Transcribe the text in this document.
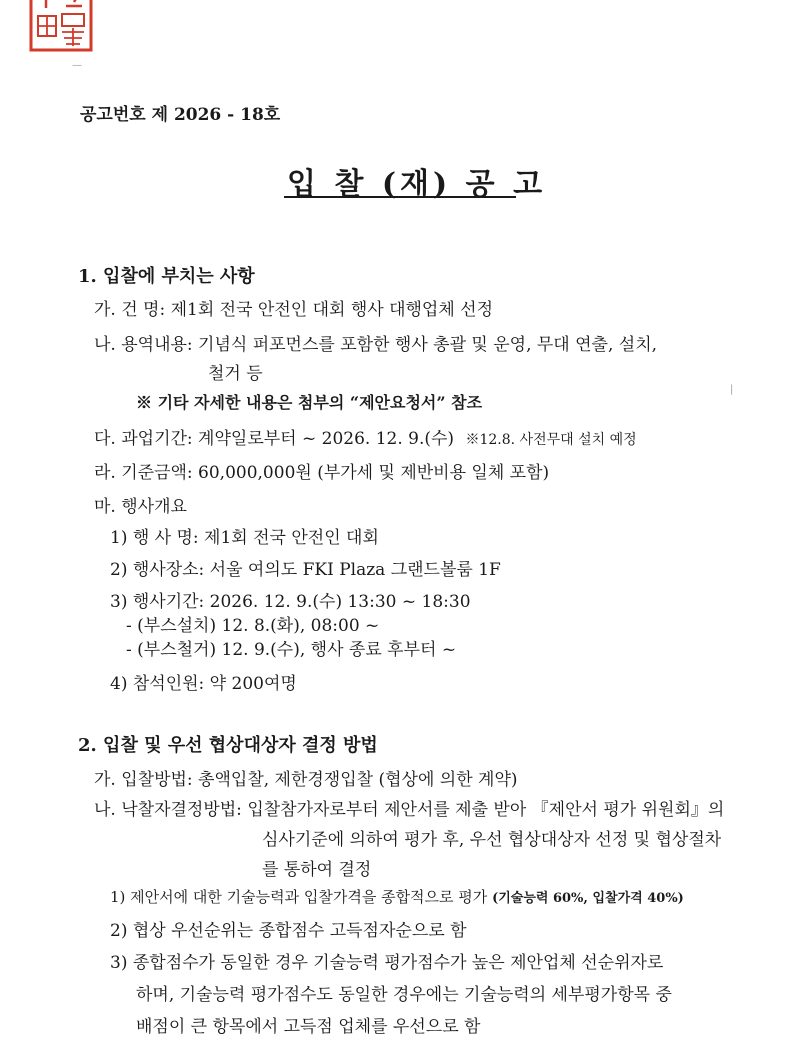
—
|
공고번호 제 2026 - 18호
입 찰 (재) 공 고
1. 입찰에 부치는 사항
가. 건 명: 제1회 전국 안전인 대회 행사 대행업체 선정
나. 용역내용: 기념식 퍼포먼스를 포함한 행사 총괄 및 운영, 무대 연출, 설치,
철거 등
※ 기타 자세한 내용은 첨부의 “제안요청서” 참조
다. 과업기간: 계약일로부터 ~ 2026. 12. 9.(수) ※12.8. 사전무대 설치 예정
라. 기준금액: 60,000,000원 (부가세 및 제반비용 일체 포함)
마. 행사개요
1) 행 사 명: 제1회 전국 안전인 대회
2) 행사장소: 서울 여의도 FKI Plaza 그랜드볼룸 1F
3) 행사기간: 2026. 12. 9.(수) 13:30 ~ 18:30
- (부스설치) 12. 8.(화), 08:00 ~
- (부스철거) 12. 9.(수), 행사 종료 후부터 ~
4) 참석인원: 약 200여명
2. 입찰 및 우선 협상대상자 결정 방법
가. 입찰방법: 총액입찰, 제한경쟁입찰 (협상에 의한 계약)
나. 낙찰자결정방법: 입찰참가자로부터 제안서를 제출 받아 『제안서 평가 위원회』의
심사기준에 의하여 평가 후, 우선 협상대상자 선정 및 협상절차
를 통하여 결정
1) 제안서에 대한 기술능력과 입찰가격을 종합적으로 평가 (기술능력 60%, 입찰가격 40%)
2) 협상 우선순위는 종합점수 고득점자순으로 함
3) 종합점수가 동일한 경우 기술능력 평가점수가 높은 제안업체 선순위자로
하며, 기술능력 평가점수도 동일한 경우에는 기술능력의 세부평가항목 중
배점이 큰 항목에서 고득점 업체를 우선으로 함
